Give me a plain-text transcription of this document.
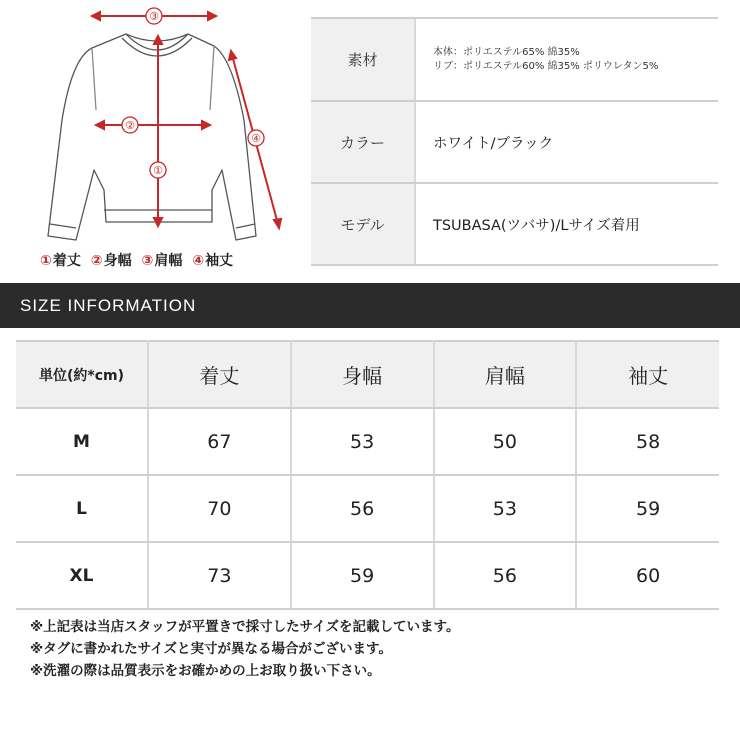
③
②
①
④
①着丈 ②身幅 ③肩幅 ④袖丈
素材	本体：ポリエステル65% 綿35%
リブ：ポリエステル60% 綿35% ポリウレタン5%
カラー	ホワイト/ブラック
モデル	TSUBASA(ツバサ)/Lサイズ着用
SIZE INFORMATION
単位(約*cm)	着丈	身幅	肩幅	袖丈
M	67	53	50	58
L	70	56	53	59
XL	73	59	56	60
※上記表は当店スタッフが平置きで採寸したサイズを記載しています。
※タグに書かれたサイズと実寸が異なる場合がございます。
※洗濯の際は品質表示をお確かめの上お取り扱い下さい。
